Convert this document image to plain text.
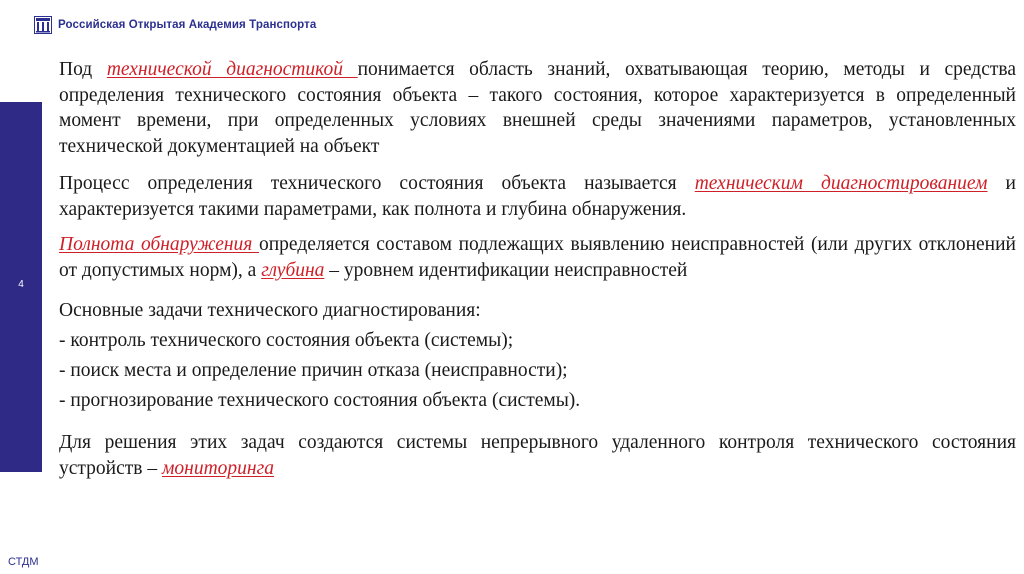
Российская Открытая Академия Транспорта
4
СТДМ

Под технической диагностикой понимается область знаний, охватывающая теорию, методы и средства определения технического состояния объекта – такого состояния, которое характеризуется в определенный момент времени, при определенных условиях внешней среды значениями параметров, установленных технической документацией на объект

Процесс определения технического состояния объекта называется техническим диагностированием и характеризуется такими параметрами, как полнота и глубина обнаружения.

Полнота обнаружения определяется составом подлежащих выявлению неисправностей (или других отклонений от допустимых норм), а глубина – уровнем идентификации неисправностей

Основные задачи технического диагностирования:

- контроль технического состояния объекта (системы);

- поиск места и определение причин отказа (неисправности);

- прогнозирование технического состояния объекта (системы).

Для решения этих задач создаются системы непрерывного удаленного контроля технического состояния устройств – мониторинга
